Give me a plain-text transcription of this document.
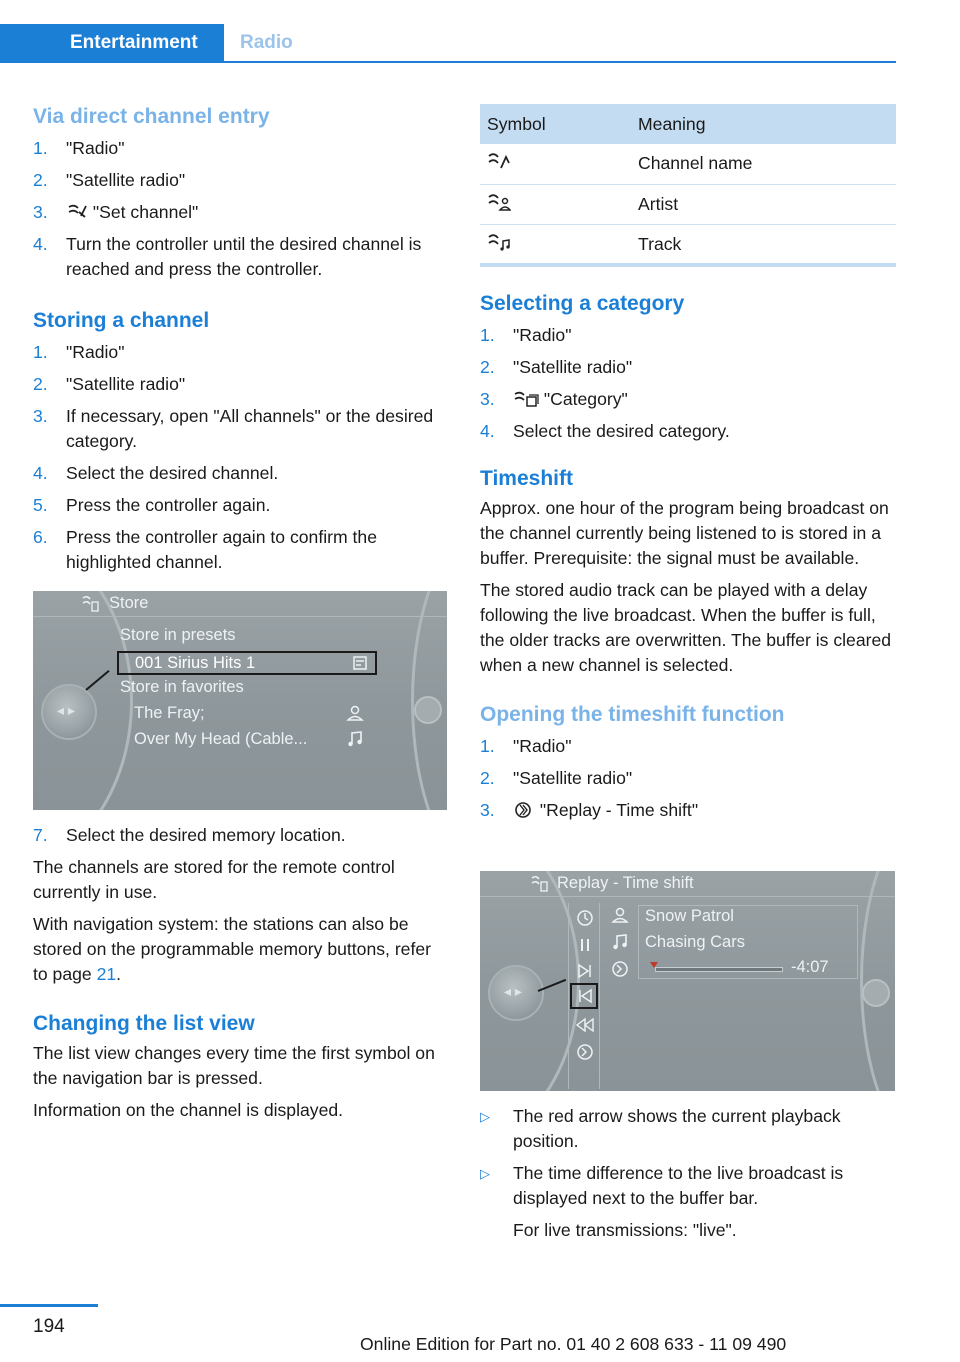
Entertainment	Radio
Via direct channel entry
1. "Radio"
2. "Satellite radio"
3.	"Set channel"
4. Turn the controller until the desired channel is reached and press the controller.
Storing a channel
1. "Radio"
2. "Satellite radio"
3. If necessary, open "All channels" or the desired category.
4. Select the desired channel.
5. Press the controller again.
6. Press the controller again to confirm the highlighted channel.
Store
◂ ▸
Store in presets
001 Sirius Hits 1
Store in favorites
The Fray;
Over My Head (Cable...
7. Select the desired memory location.

The channels are stored for the remote control currently in use.

With navigation system: the stations can also be stored on the programmable memory buttons, refer to page 21.

Changing the list view

The list view changes every time the first symbol on the navigation bar is pressed.

Information on the channel is displayed.

Symbol	Meaning
	Channel name
	Artist
	Track
Selecting a category
1. "Radio"
2. "Satellite radio"
3.	"Category"
4. Select the desired category.
Timeshift

Approx. one hour of the program being broadcast on the channel currently being listened to is stored in a buffer. Prerequisite: the signal must be available.

The stored audio track can be played with a delay following the live broadcast. When the buffer is full, the older tracks are overwritten. The buffer is cleared when a new channel is selected.

Opening the timeshift function
1. "Radio"
2. "Satellite radio"
3.	"Replay - Time shift"
Replay - Time shift
◂ ▸
Snow Patrol
Chasing Cars
-4:07
▷ The red arrow shows the current playback position.
▷ The time difference to the live broadcast is displayed next to the buffer bar.

For live transmissions: "live".

194
Online Edition for Part no. 01 40 2 608 633 - 11 09 490
